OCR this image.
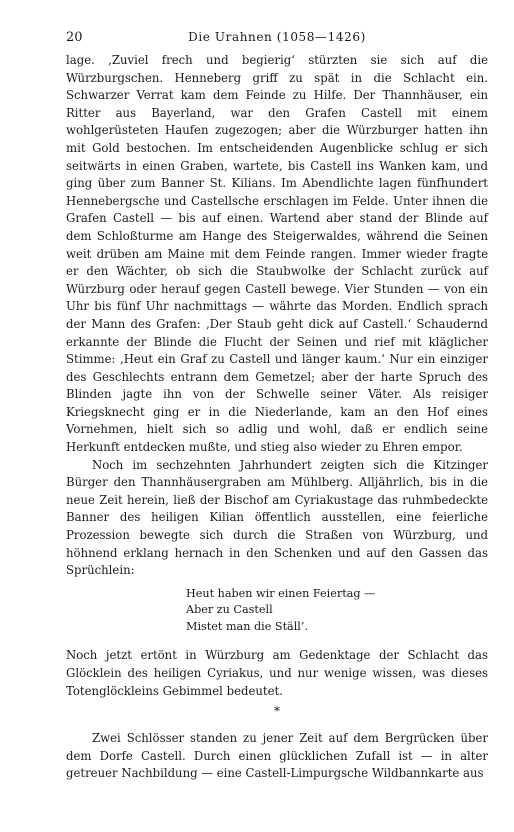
20	Die Urahnen (1058—1426)

lage. ‚Zuviel frech und begierig‘ stürzten sie sich auf die Würzburgschen. Henneberg griff zu spät in die Schlacht ein. Schwarzer Verrat kam dem Feinde zu Hilfe. Der Thannhäuser, ein Ritter aus Bayerland, war den Grafen Castell mit einem wohlgerüsteten Haufen zugezogen; aber die Würzburger hatten ihn mit Gold bestochen. Im entscheidenden Augenblicke schlug er sich seitwärts in einen Graben, wartete, bis Castell ins Wanken kam, und ging über zum Banner St. Kilians. Im Abendlichte lagen fünfhundert Hennebergsche und Castellsche erschlagen im Felde. Unter ihnen die Grafen Castell — bis auf einen. Wartend aber stand der Blinde auf dem Schloßturme am Hange des Steigerwaldes, während die Seinen weit drüben am Maine mit dem Feinde rangen. Immer wieder fragte er den Wächter, ob sich die Staubwolke der Schlacht zurück auf Würzburg oder herauf gegen Castell bewege. Vier Stunden — von ein Uhr bis fünf Uhr nachmittags — währte das Morden. Endlich sprach der Mann des Grafen: ‚Der Staub geht dick auf Castell.‘ Schaudernd erkannte der Blinde die Flucht der Seinen und rief mit kläglicher Stimme: ‚Heut ein Graf zu Castell und länger kaum.‘ Nur ein einziger des Geschlechts entrann dem Gemetzel; aber der harte Spruch des Blinden jagte ihn von der Schwelle seiner Väter. Als reisiger Kriegsknecht ging er in die Niederlande, kam an den Hof eines Vornehmen, hielt sich so adlig und wohl, daß er endlich seine Herkunft entdecken mußte, und stieg also wieder zu Ehren empor.

Noch im sechzehnten Jahrhundert zeigten sich die Kitzinger Bürger den Thannhäusergraben am Mühlberg. Alljährlich, bis in die neue Zeit herein, ließ der Bischof am Cyriakustage das ruhmbedeckte Banner des heiligen Kilian öffentlich ausstellen, eine feierliche Prozession bewegte sich durch die Straßen von Würzburg, und höhnend erklang hernach in den Schenken und auf den Gassen das Sprüchlein:

Heut haben wir einen Feiertag —
Aber zu Castell
Mistet man die Ställ’.

Noch jetzt ertönt in Würzburg am Gedenktage der Schlacht das Glöcklein des heiligen Cyriakus, und nur wenige wissen, was dieses Totenglöckleins Gebimmel bedeutet.

*

Zwei Schlösser standen zu jener Zeit auf dem Bergrücken über dem Dorfe Castell. Durch einen glücklichen Zufall ist — in alter getreuer Nachbildung — eine Castell-Limpurgsche Wildbannkarte aus
